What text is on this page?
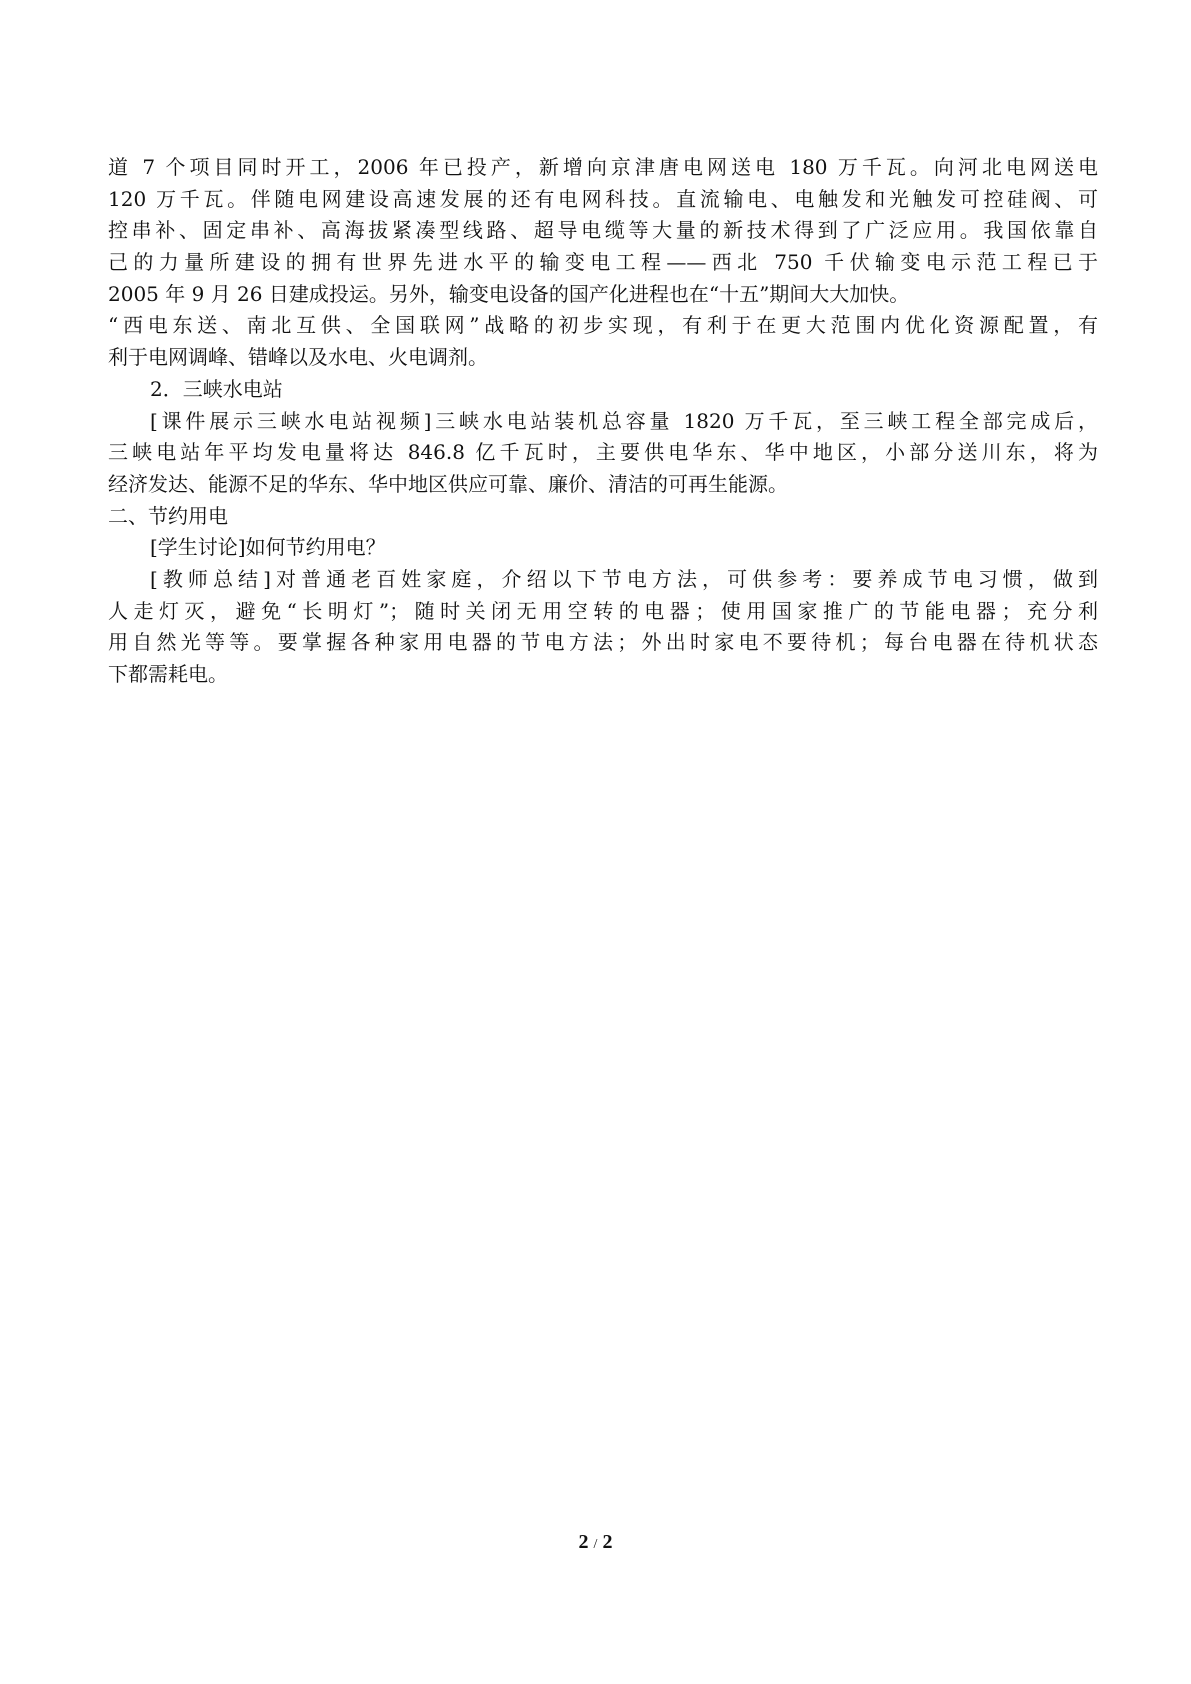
道 7 个项目同时开工，2006 年已投产，新增向京津唐电网送电 180 万千瓦。向河北电网送电
120 万千瓦。伴随电网建设高速发展的还有电网科技。直流输电、电触发和光触发可控硅阀、可
控串补、固定串补、高海拔紧凑型线路、超导电缆等大量的新技术得到了广泛应用。我国依靠自
己的力量所建设的拥有世界先进水平的输变电工程——西北 750 千伏输变电示范工程已于
2005 年 9 月 26 日建成投运。另外，输变电设备的国产化进程也在“十五”期间大大加快。
“西电东送、南北互供、全国联网”战略的初步实现，有利于在更大范围内优化资源配置，有
利于电网调峰、错峰以及水电、火电调剂。
2．三峡水电站
[课件展示三峡水电站视频]三峡水电站装机总容量 1820 万千瓦，至三峡工程全部完成后，
三峡电站年平均发电量将达 846.8 亿千瓦时，主要供电华东、华中地区，小部分送川东，将为
经济发达、能源不足的华东、华中地区供应可靠、廉价、清洁的可再生能源。
二、节约用电
[学生讨论]如何节约用电？
[教师总结]对普通老百姓家庭，介绍以下节电方法，可供参考：要养成节电习惯，做到
人走灯灭，避免“长明灯”；随时关闭无用空转的电器；使用国家推广的节能电器；充分利
用自然光等等。要掌握各种家用电器的节电方法；外出时家电不要待机；每台电器在待机状态
下都需耗电。
2 / 2
